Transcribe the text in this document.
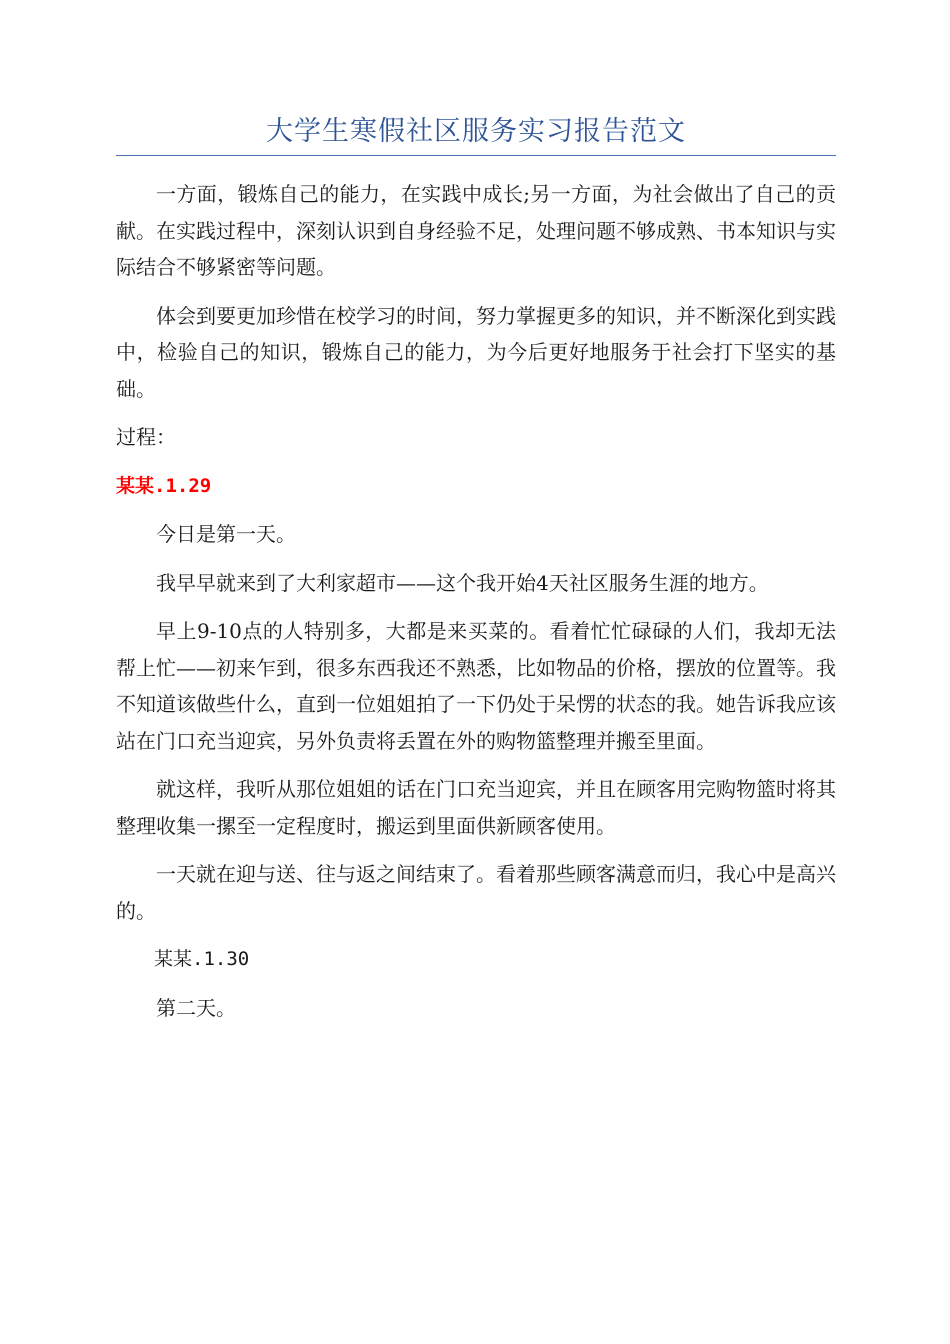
大学生寒假社区服务实习报告范文

一方面，锻炼自己的能力，在实践中成长;另一方面，为社会做出了自己的贡献。在实践过程中，深刻认识到自身经验不足，处理问题不够成熟、书本知识与实际结合不够紧密等问题。

体会到要更加珍惜在校学习的时间，努力掌握更多的知识，并不断深化到实践中，检验自己的知识，锻炼自己的能力，为今后更好地服务于社会打下坚实的基础。

过程：

某某.1.29

今日是第一天。

我早早就来到了大利家超市——这个我开始4天社区服务生涯的地方。

早上9-10点的人特别多，大都是来买菜的。看着忙忙碌碌的人们，我却无法帮上忙——初来乍到，很多东西我还不熟悉，比如物品的价格，摆放的位置等。我不知道该做些什么，直到一位姐姐拍了一下仍处于呆愣的状态的我。她告诉我应该站在门口充当迎宾，另外负责将丢置在外的购物篮整理并搬至里面。

就这样，我听从那位姐姐的话在门口充当迎宾，并且在顾客用完购物篮时将其整理收集一摞至一定程度时，搬运到里面供新顾客使用。

一天就在迎与送、往与返之间结束了。看着那些顾客满意而归，我心中是高兴的。

某某.1.30

第二天。
